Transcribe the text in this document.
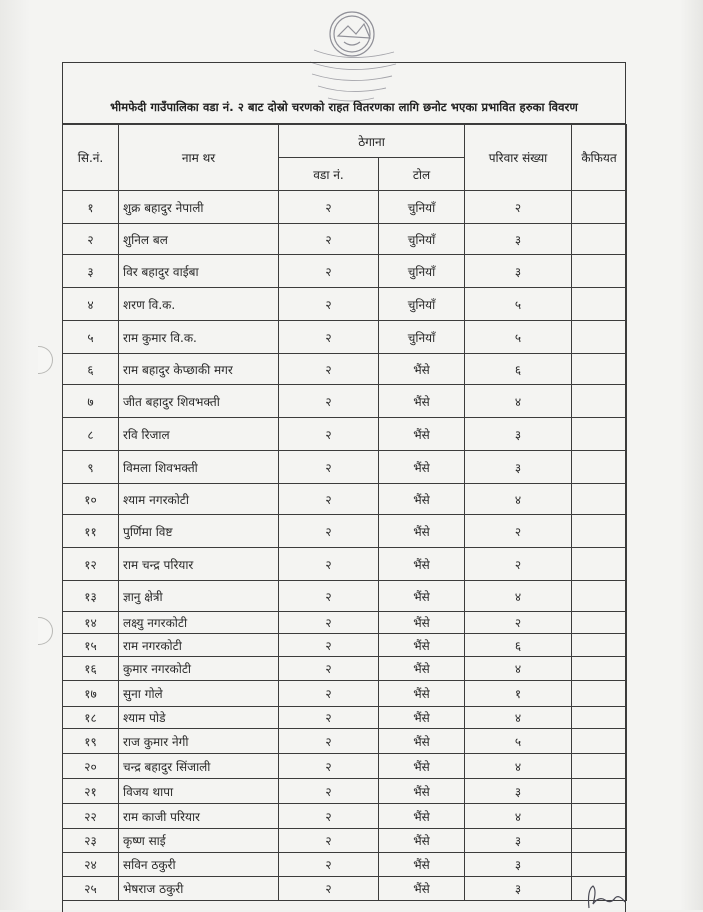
भीमफेदी गाउँपालिका वडा नं. २ बाट दोस्रो चरणको राहत वितरणका लागि छनोट भएका प्रभावित हरुका विवरण
सि.नं.	नाम थर	ठेगाना		परिवार संख्या	कैफियत
		वडा नं.	टोल		
१	शुक्र बहादुर नेपाली	२	चुनियाँ	२	
२	शुनिल बल	२	चुनियाँ	३	
३	विर बहादुर वाईबा	२	चुनियाँ	३	
४	शरण वि.क.	२	चुनियाँ	५	
५	राम कुमार वि.क.	२	चुनियाँ	५	
६	राम बहादुर केप्छाकी मगर	२	भैंसे	६	
७	जीत बहादुर शिवभक्ती	२	भैंसे	४	
८	रवि रिजाल	२	भैंसे	३	
९	विमला शिवभक्ती	२	भैंसे	३	
१०	श्याम नगरकोटी	२	भैंसे	४	
११	पुर्णिमा विष्ट	२	भैंसे	२	
१२	राम चन्द्र परियार	२	भैंसे	२	
१३	ज्ञानु क्षेत्री	२	भैंसे	४	
१४	लक्ष्यु नगरकोटी	२	भैंसे	२	
१५	राम नगरकोटी	२	भैंसे	६	
१६	कुमार नगरकोटी	२	भैंसे	४	
१७	सुना गोले	२	भैंसे	१	
१८	श्याम पोडे	२	भैंसे	४	
१९	राज कुमार नेगी	२	भैंसे	५	
२०	चन्द्र बहादुर सिंजाली	२	भैंसे	४	
२१	विजय थापा	२	भैंसे	३	
२२	राम काजी परियार	२	भैंसे	४	
२३	कृष्ण साई	२	भैंसे	३	
२४	सविन ठकुरी	२	भैंसे	३	
२५	भेषराज ठकुरी	२	भैंसे	३	
